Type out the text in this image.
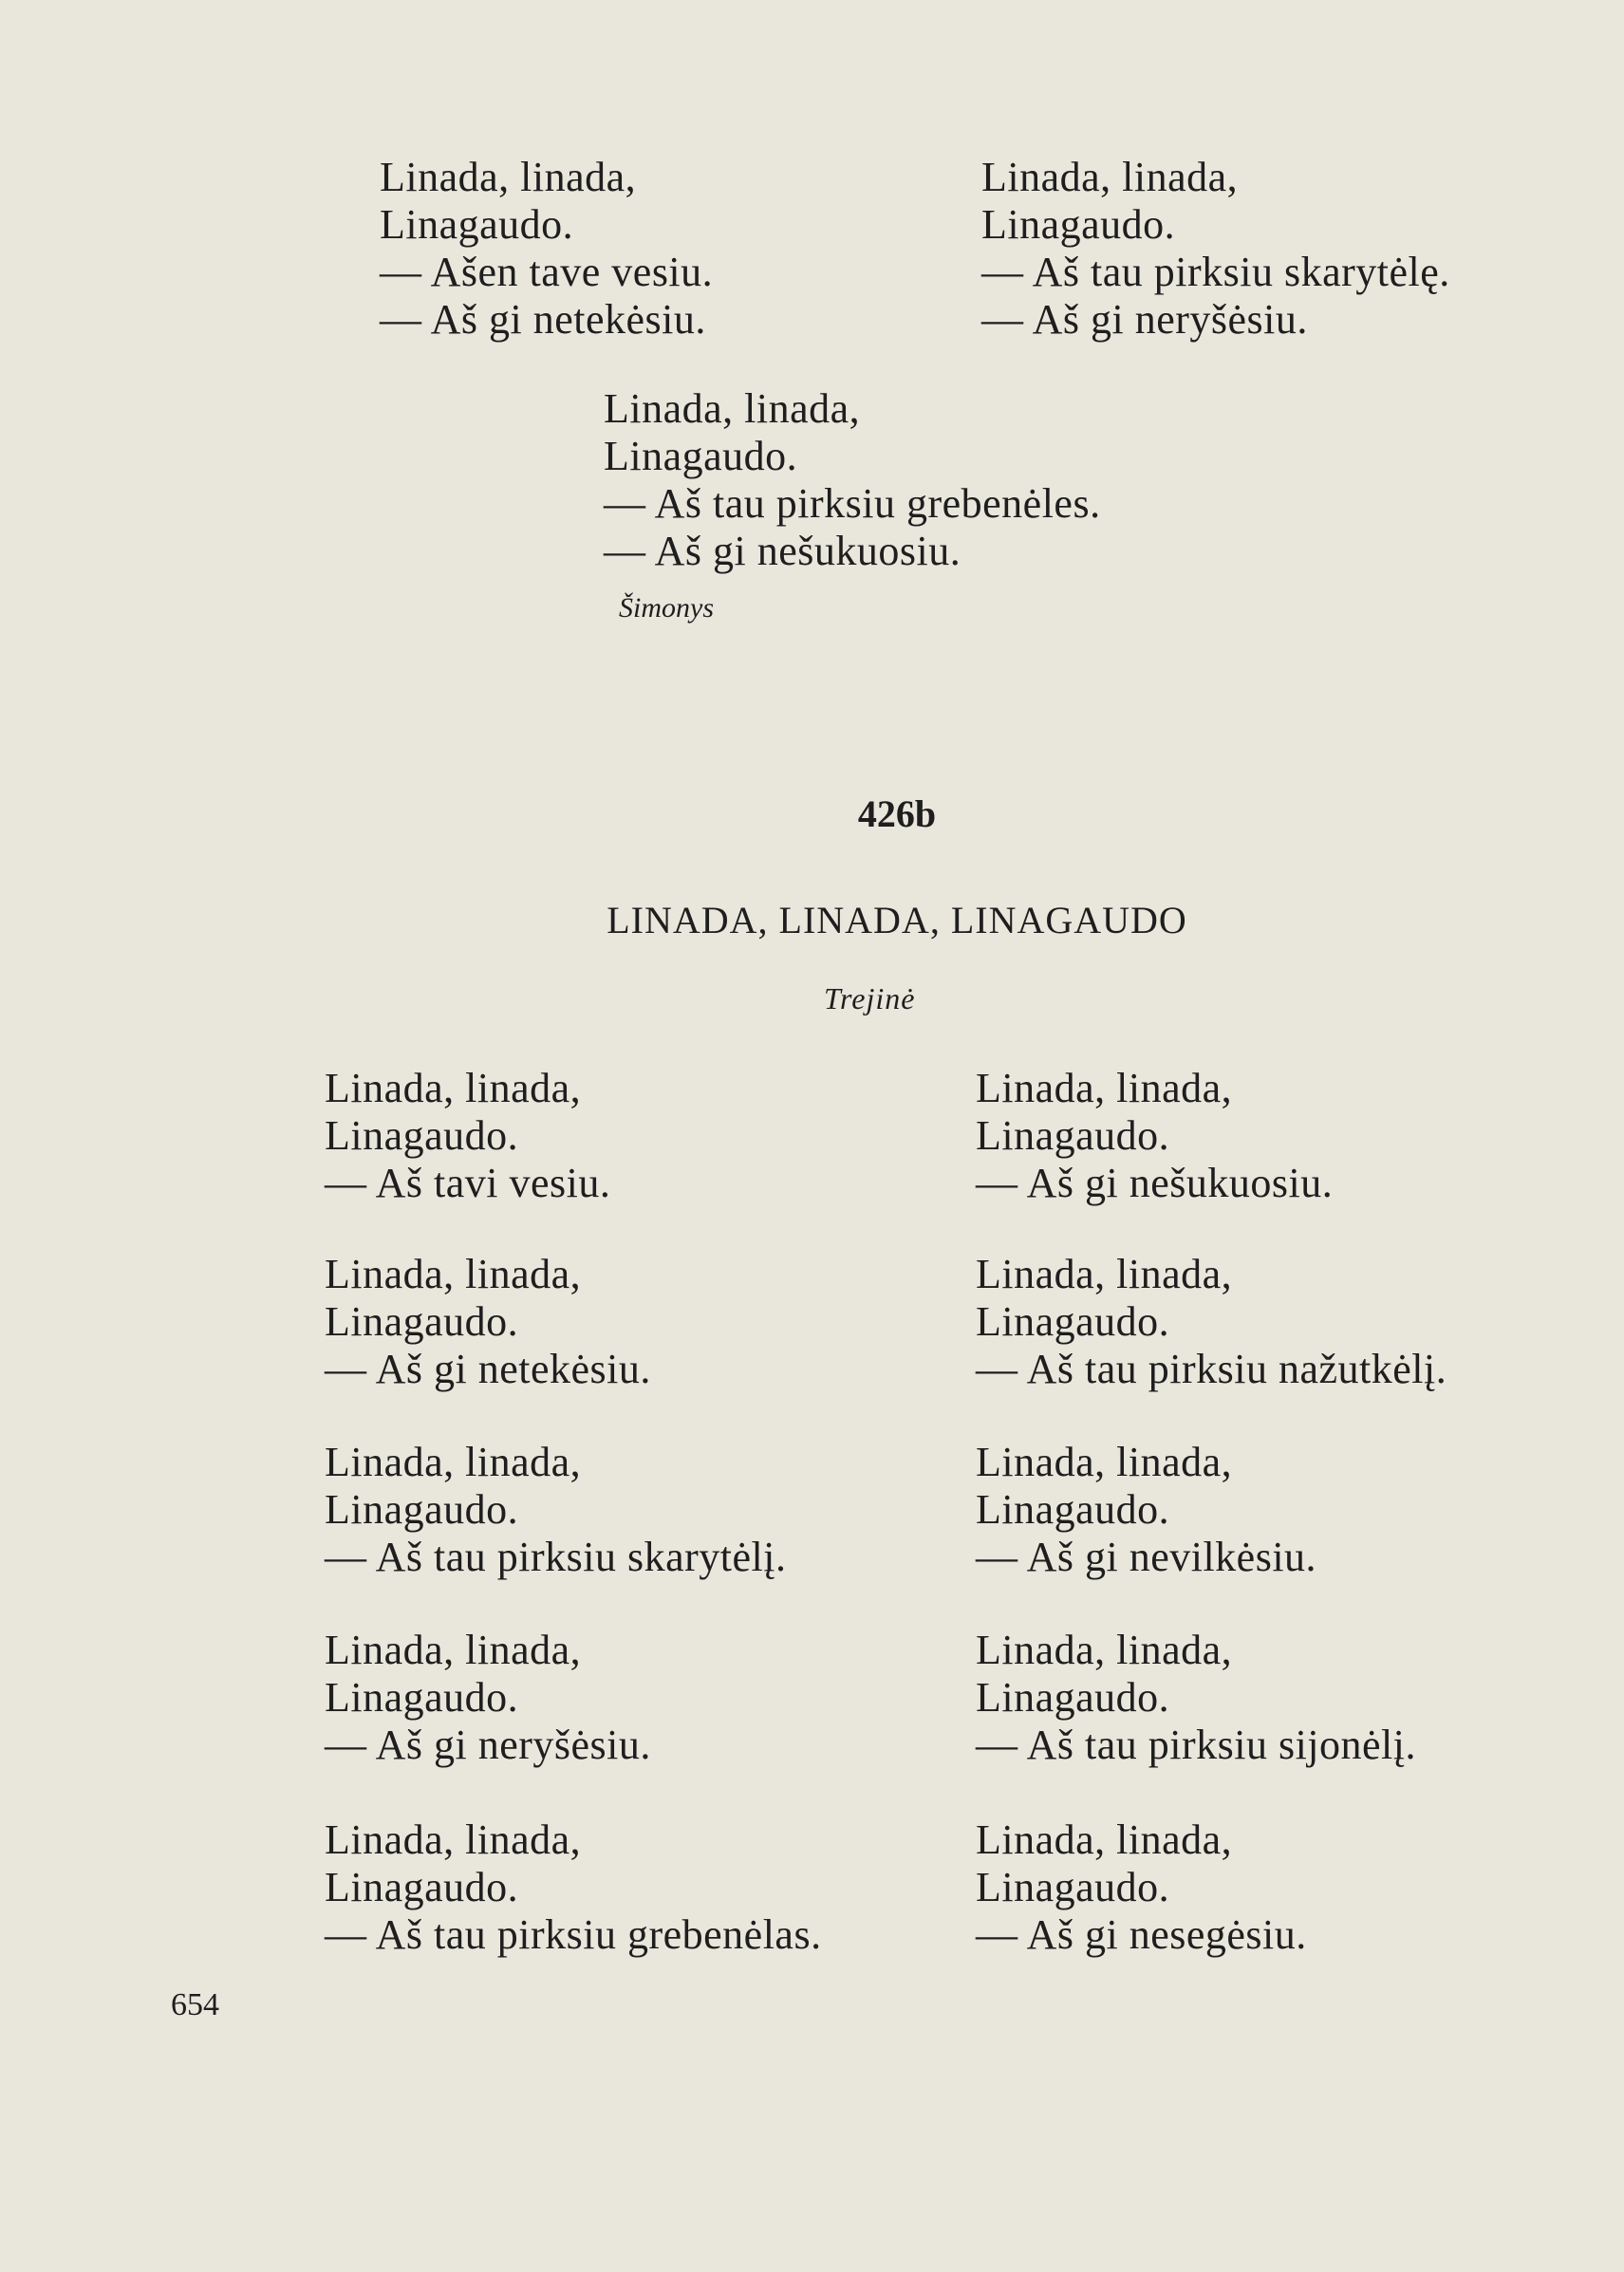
Linada, linada,
Linagaudo.
— Ašen tave vesiu.
— Aš gi netekėsiu.
Linada, linada,
Linagaudo.
— Aš tau pirksiu skarytėlę.
— Aš gi neryšėsiu.
Linada, linada,
Linagaudo.
— Aš tau pirksiu grebenėles.
— Aš gi nešukuosiu.
Šimonys
426b
LINADA, LINADA, LINAGAUDO
Trejinė
Linada, linada,
Linagaudo.
— Aš tavi vesiu.
Linada, linada,
Linagaudo.
— Aš gi netekėsiu.
Linada, linada,
Linagaudo.
— Aš tau pirksiu skarytėlį.
Linada, linada,
Linagaudo.
— Aš gi neryšėsiu.
Linada, linada,
Linagaudo.
— Aš tau pirksiu grebenėlas.
Linada, linada,
Linagaudo.
— Aš gi nešukuosiu.
Linada, linada,
Linagaudo.
— Aš tau pirksiu nažutkėlį.
Linada, linada,
Linagaudo.
— Aš gi nevilkėsiu.
Linada, linada,
Linagaudo.
— Aš tau pirksiu sijonėlį.
Linada, linada,
Linagaudo.
— Aš gi nesegėsiu.
654
